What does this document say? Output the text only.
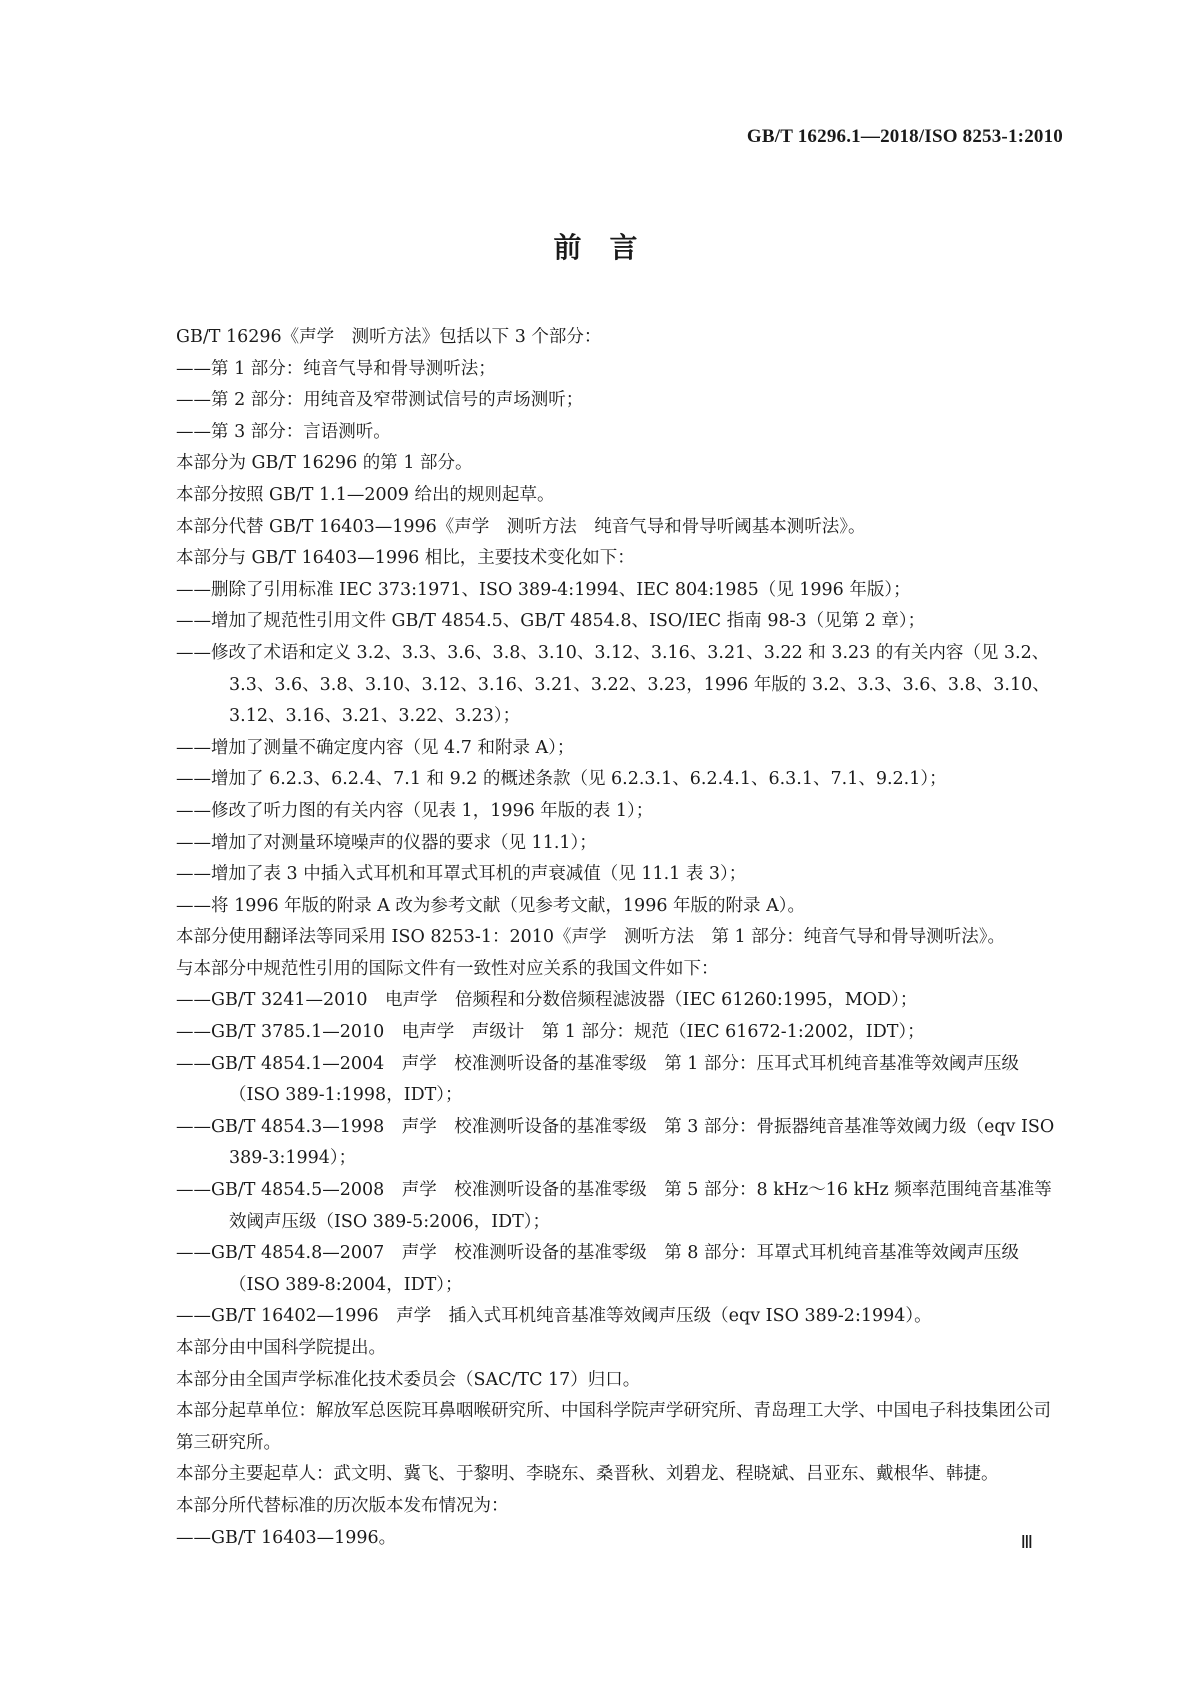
GB/T 16296.1—2018/ISO 8253-1:2010
前言

GB/T 16296《声学　测听方法》包括以下 3 个部分：

——第 1 部分：纯音气导和骨导测听法；

——第 2 部分：用纯音及窄带测试信号的声场测听；

——第 3 部分：言语测听。

本部分为 GB/T 16296 的第 1 部分。

本部分按照 GB/T 1.1—2009 给出的规则起草。

本部分代替 GB/T 16403—1996《声学　测听方法　纯音气导和骨导听阈基本测听法》。

本部分与 GB/T 16403—1996 相比，主要技术变化如下：

——删除了引用标准 IEC 373:1971、ISO 389-4:1994、IEC 804:1985（见 1996 年版）；

——增加了规范性引用文件 GB/T 4854.5、GB/T 4854.8、ISO/IEC 指南 98-3（见第 2 章）；

——修改了术语和定义 3.2、3.3、3.6、3.8、3.10、3.12、3.16、3.21、3.22 和 3.23 的有关内容（见 3.2、3.3、3.6、3.8、3.10、3.12、3.16、3.21、3.22、3.23，1996 年版的 3.2、3.3、3.6、3.8、3.10、3.12、3.16、3.21、3.22、3.23）；

——增加了测量不确定度内容（见 4.7 和附录 A）；

——增加了 6.2.3、6.2.4、7.1 和 9.2 的概述条款（见 6.2.3.1、6.2.4.1、6.3.1、7.1、9.2.1）；

——修改了听力图的有关内容（见表 1，1996 年版的表 1）；

——增加了对测量环境噪声的仪器的要求（见 11.1）；

——增加了表 3 中插入式耳机和耳罩式耳机的声衰减值（见 11.1 表 3）；

——将 1996 年版的附录 A 改为参考文献（见参考文献，1996 年版的附录 A）。

本部分使用翻译法等同采用 ISO 8253-1：2010《声学　测听方法　第 1 部分：纯音气导和骨导测听法》。

与本部分中规范性引用的国际文件有一致性对应关系的我国文件如下：

——GB/T 3241—2010　电声学　倍频程和分数倍频程滤波器（IEC 61260:1995，MOD）；

——GB/T 3785.1—2010　电声学　声级计　第 1 部分：规范（IEC 61672-1:2002，IDT）；

——GB/T 4854.1—2004　声学　校准测听设备的基准零级　第 1 部分：压耳式耳机纯音基准等效阈声压级（ISO 389-1:1998，IDT）；

——GB/T 4854.3—1998　声学　校准测听设备的基准零级　第 3 部分：骨振器纯音基准等效阈力级（eqv ISO 389-3:1994）；

——GB/T 4854.5—2008　声学　校准测听设备的基准零级　第 5 部分：8 kHz～16 kHz 频率范围纯音基准等效阈声压级（ISO 389-5:2006，IDT）；

——GB/T 4854.8—2007　声学　校准测听设备的基准零级　第 8 部分：耳罩式耳机纯音基准等效阈声压级（ISO 389-8:2004，IDT）；

——GB/T 16402—1996　声学　插入式耳机纯音基准等效阈声压级（eqv ISO 389-2:1994）。

本部分由中国科学院提出。

本部分由全国声学标准化技术委员会（SAC/TC 17）归口。

本部分起草单位：解放军总医院耳鼻咽喉研究所、中国科学院声学研究所、青岛理工大学、中国电子科技集团公司第三研究所。

本部分主要起草人：武文明、冀飞、于黎明、李晓东、桑晋秋、刘碧龙、程晓斌、吕亚东、戴根华、韩捷。

本部分所代替标准的历次版本发布情况为：

——GB/T 16403—1996。	Ⅲ
